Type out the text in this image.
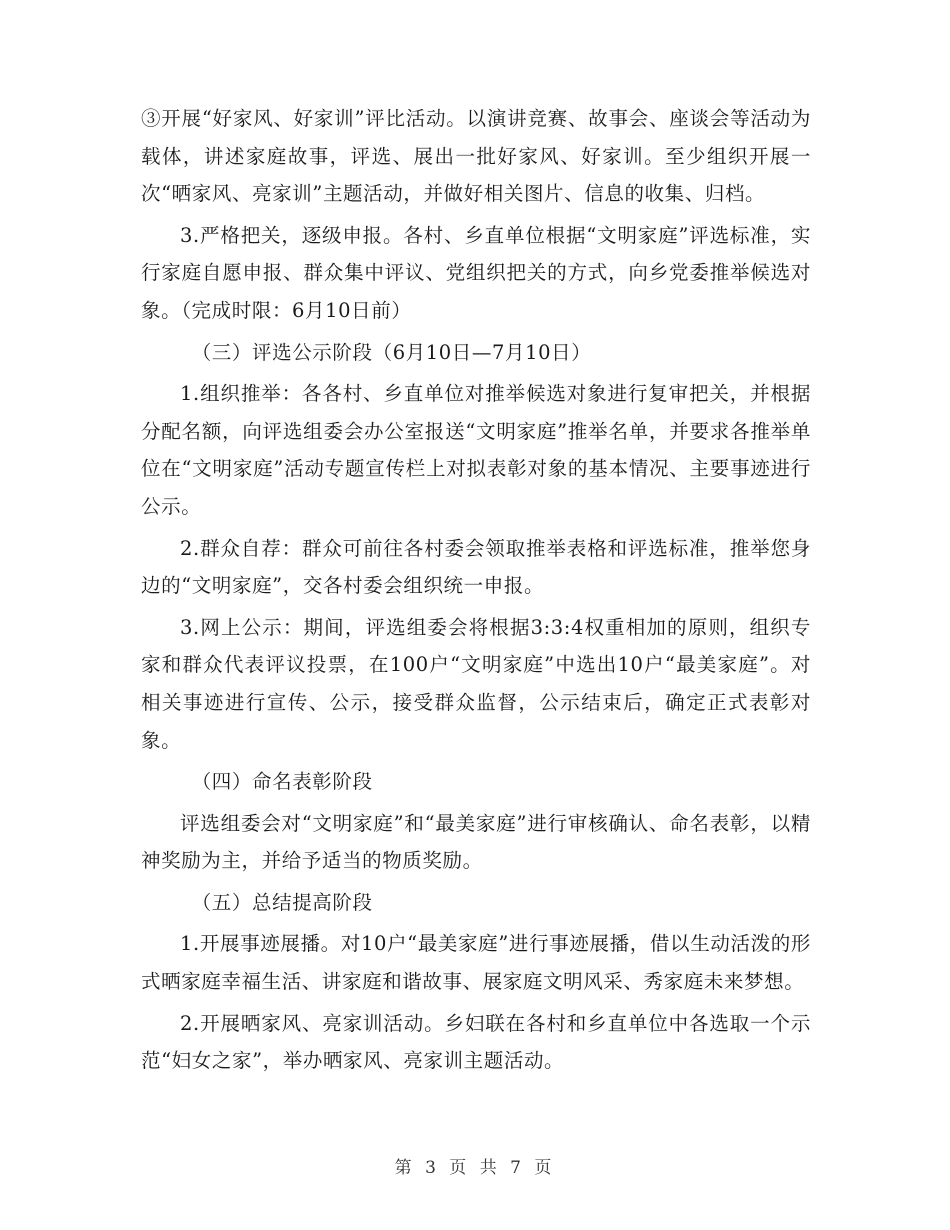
③开展“好家风、好家训”评比活动。以演讲竞赛、故事会、座谈会等活动为载体，讲述家庭故事，评选、展出一批好家风、好家训。至少组织开展一次“晒家风、亮家训”主题活动，并做好相关图片、信息的收集、归档。

3.严格把关，逐级申报。各村、乡直单位根据“文明家庭”评选标准，实行家庭自愿申报、群众集中评议、党组织把关的方式，向乡党委推举候选对象。（完成时限：6月10日前）

（三）评选公示阶段（6月10日—7月10日）

1.组织推举：各各村、乡直单位对推举候选对象进行复审把关，并根据分配名额，向评选组委会办公室报送“文明家庭”推举名单，并要求各推举单位在“文明家庭”活动专题宣传栏上对拟表彰对象的基本情况、主要事迹进行公示。

2.群众自荐：群众可前往各村委会领取推举表格和评选标准，推举您身边的“文明家庭”，交各村委会组织统一申报。

3.网上公示：期间，评选组委会将根据3:3:4权重相加的原则，组织专家和群众代表评议投票，在100户“文明家庭”中选出10户“最美家庭”。对相关事迹进行宣传、公示，接受群众监督，公示结束后，确定正式表彰对象。

（四）命名表彰阶段

评选组委会对“文明家庭”和“最美家庭”进行审核确认、命名表彰，以精神奖励为主，并给予适当的物质奖励。

（五）总结提高阶段

1.开展事迹展播。对10户“最美家庭”进行事迹展播，借以生动活泼的形式晒家庭幸福生活、讲家庭和谐故事、展家庭文明风采、秀家庭未来梦想。

2.开展晒家风、亮家训活动。乡妇联在各村和乡直单位中各选取一个示范“妇女之家”，举办晒家风、亮家训主题活动。

第 3 页 共 7 页
